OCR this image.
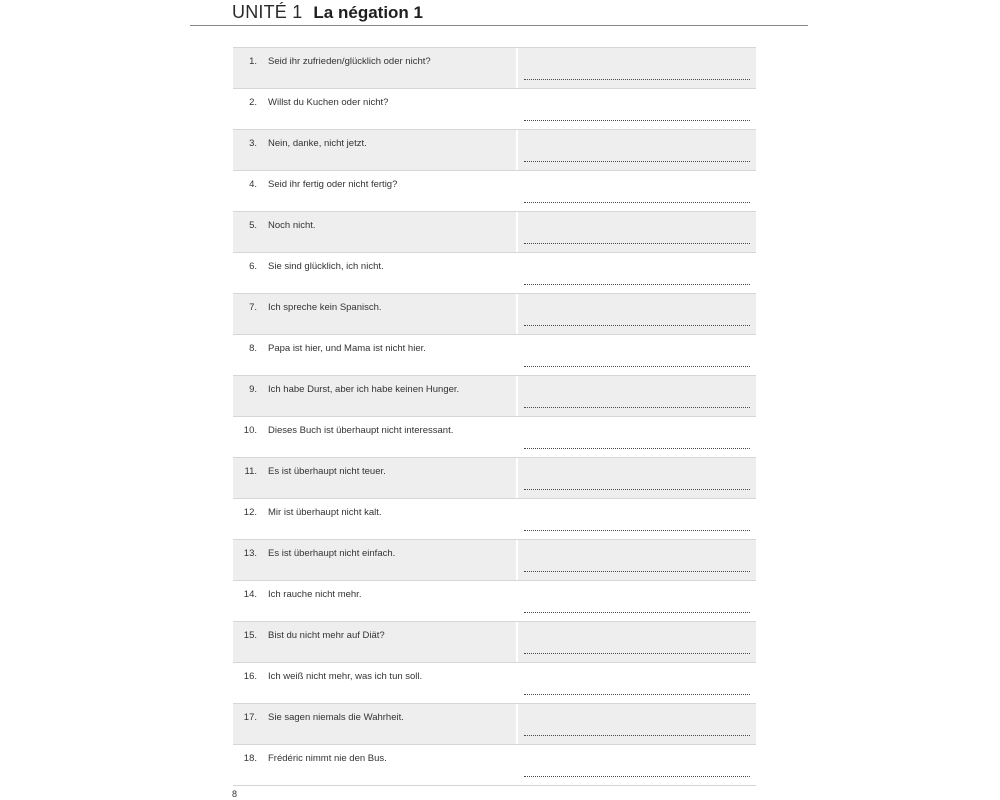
UNITÉ 1 La négation 1
1. Seid ihr zufrieden/glücklich oder nicht?
2. Willst du Kuchen oder nicht?
3. Nein, danke, nicht jetzt.
4. Seid ihr fertig oder nicht fertig?
5. Noch nicht.
6. Sie sind glücklich, ich nicht.
7. Ich spreche kein Spanisch.
8. Papa ist hier, und Mama ist nicht hier.
9. Ich habe Durst, aber ich habe keinen Hunger.
10. Dieses Buch ist überhaupt nicht interessant.
11. Es ist überhaupt nicht teuer.
12. Mir ist überhaupt nicht kalt.
13. Es ist überhaupt nicht einfach.
14. Ich rauche nicht mehr.
15. Bist du nicht mehr auf Diät?
16. Ich weiß nicht mehr, was ich tun soll.
17. Sie sagen niemals die Wahrheit.
18. Frédéric nimmt nie den Bus.
8
